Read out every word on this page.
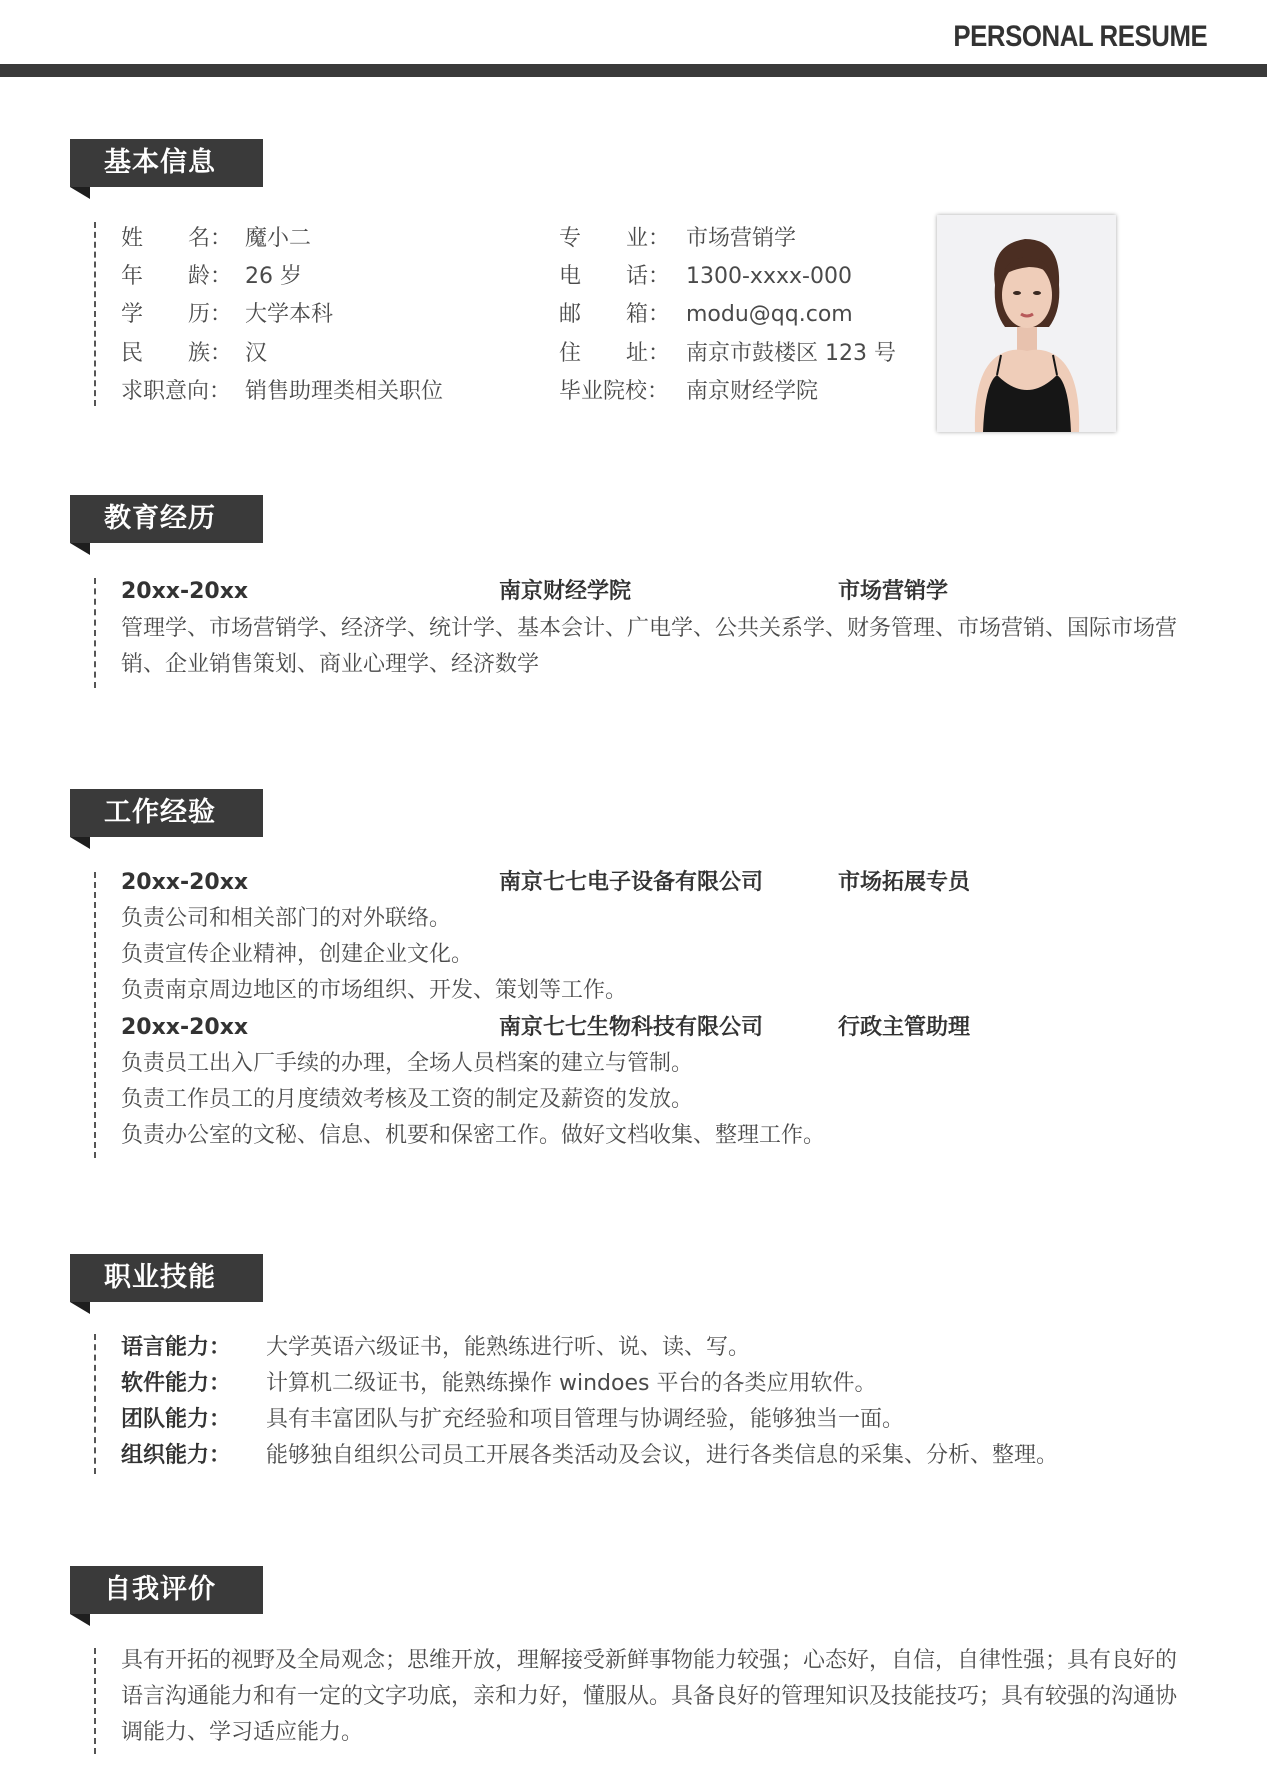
PERSONAL RESUME
基本信息
姓 名： 魔小二
年 龄： 26 岁
学 历： 大学本科
民 族： 汉
求职意向： 销售助理类相关职位
专 业： 市场营销学
电 话： 1300-xxxx-000
邮 箱： modu@qq.com
住 址： 南京市鼓楼区 123 号
毕业院校： 南京财经学院
教育经历
20xx-20xx	南京财经学院	市场营销学
管理学、市场营销学、经济学、统计学、基本会计、广电学、公共关系学、财务管理、市场营销、国际市场营销、企业销售策划、商业心理学、经济数学
工作经验
20xx-20xx	南京七七电子设备有限公司	市场拓展专员
负责公司和相关部门的对外联络。
负责宣传企业精神，创建企业文化。
负责南京周边地区的市场组织、开发、策划等工作。
20xx-20xx	南京七七生物科技有限公司	行政主管助理
负责员工出入厂手续的办理，全场人员档案的建立与管制。
负责工作员工的月度绩效考核及工资的制定及薪资的发放。
负责办公室的文秘、信息、机要和保密工作。做好文档收集、整理工作。
职业技能
语言能力： 大学英语六级证书，能熟练进行听、说、读、写。
软件能力： 计算机二级证书，能熟练操作 windoes 平台的各类应用软件。
团队能力： 具有丰富团队与扩充经验和项目管理与协调经验，能够独当一面。
组织能力： 能够独自组织公司员工开展各类活动及会议，进行各类信息的采集、分析、整理。
自我评价
具有开拓的视野及全局观念；思维开放，理解接受新鲜事物能力较强；心态好，自信，自律性强；具有良好的语言沟通能力和有一定的文字功底，亲和力好，懂服从。具备良好的管理知识及技能技巧；具有较强的沟通协调能力、学习适应能力。
